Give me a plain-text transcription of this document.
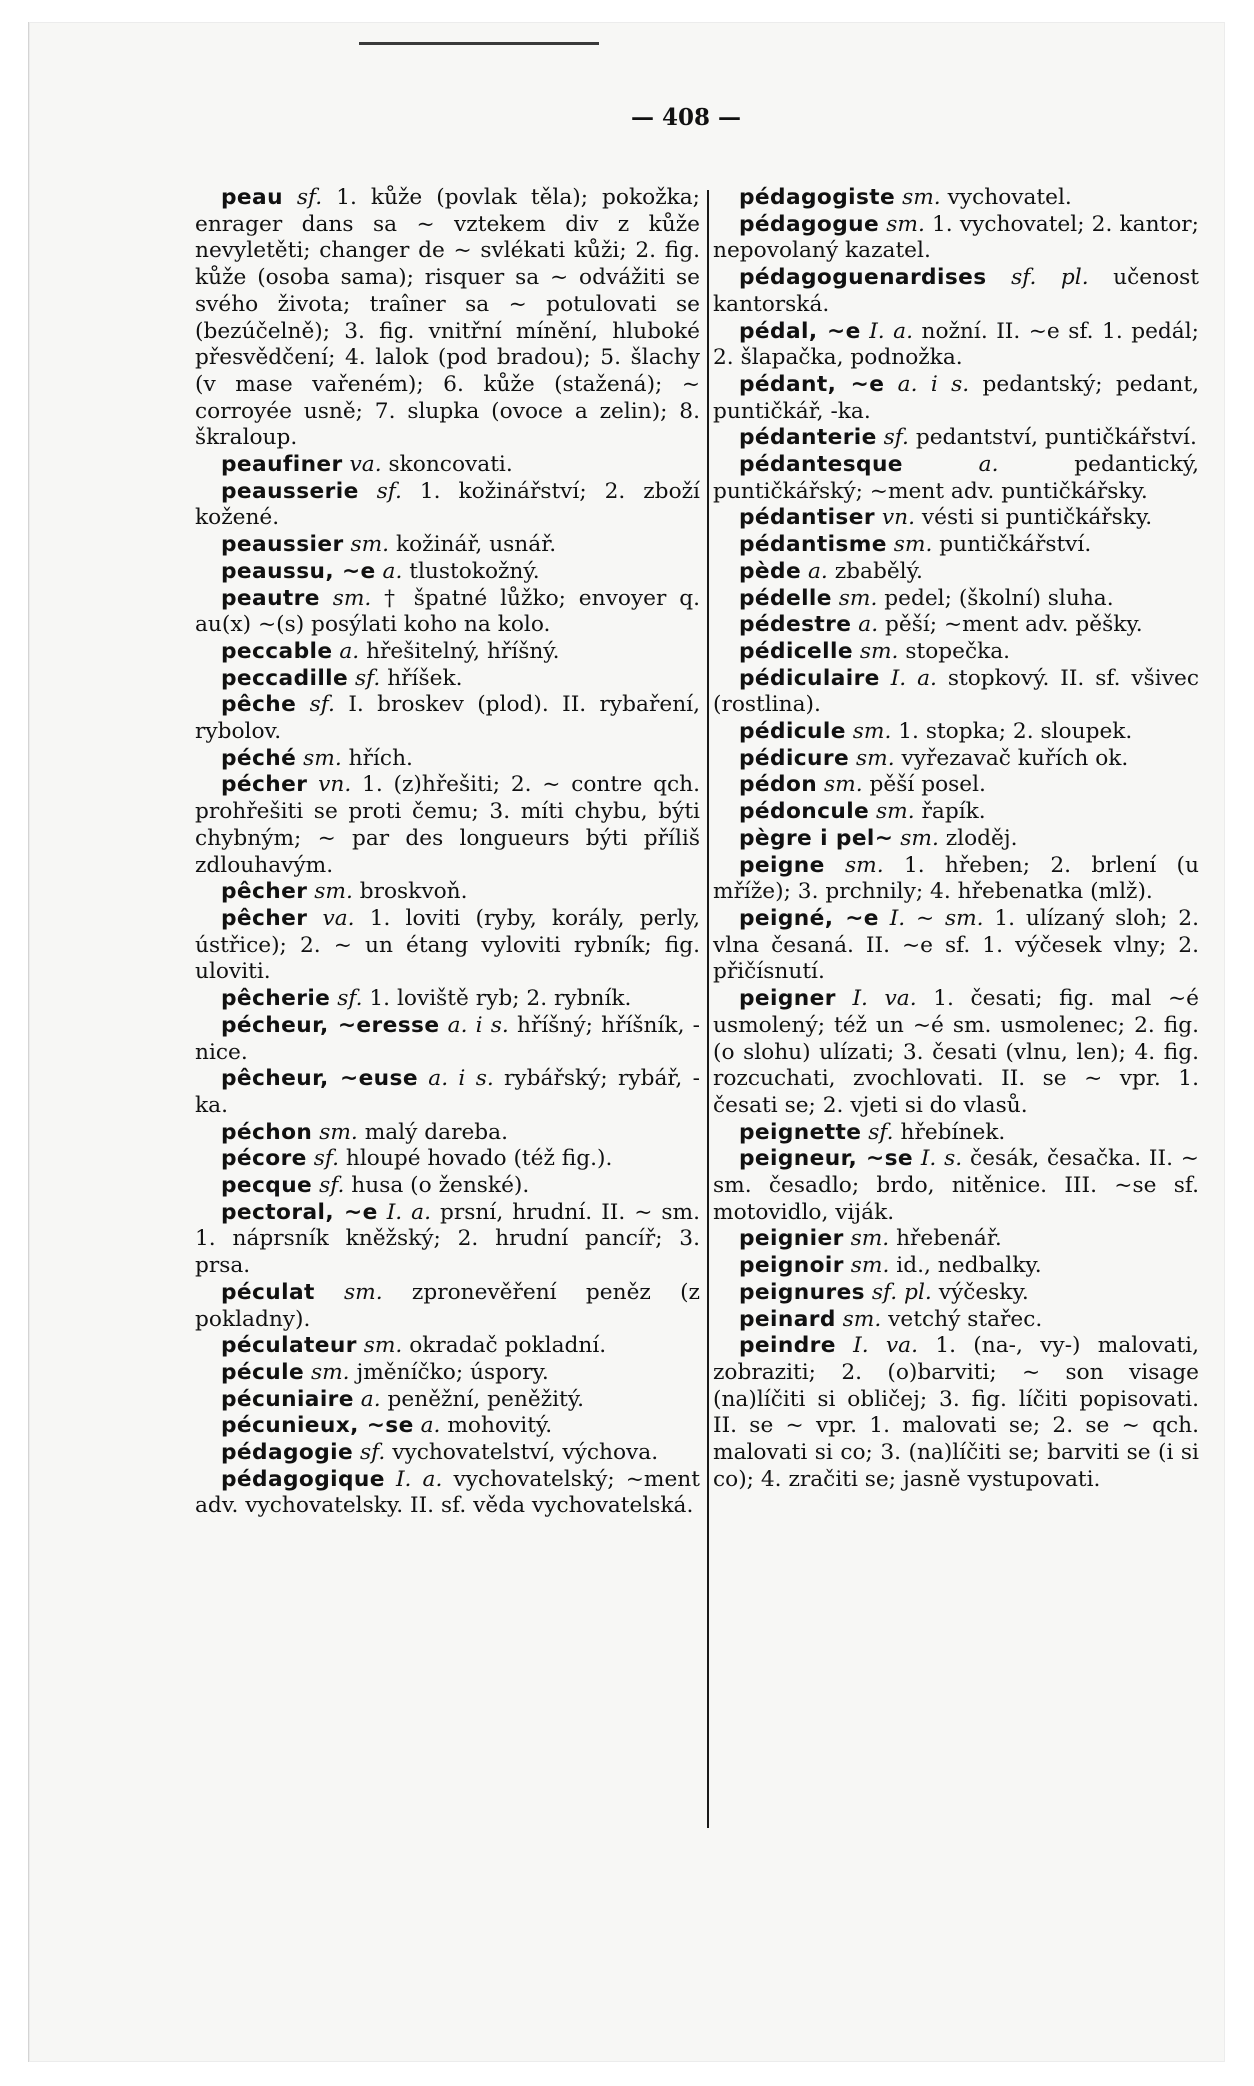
— 408 —

peau sf. 1. kůže (povlak těla); pokožka; enrager dans sa ~ vztekem div z kůže nevyletěti; changer de ~ svlékati kůži; 2. fig. kůže (osoba sama); risquer sa ~ odvážiti se svého života; traîner sa ~ potulovati se (bezúčelně); 3. fig. vnitřní mínění, hluboké přesvědčení; 4. lalok (pod bradou); 5. šlachy (v mase vařeném); 6. kůže (stažená); ~ corroyée usně; 7. slupka (ovoce a zelin); 8. škraloup.

peaufiner va. skoncovati.

peausserie sf. 1. kožinářství; 2. zboží kožené.

peaussier sm. kožinář, usnář.

peaussu, ~e a. tlustokožný.

peautre sm. † špatné lůžko; envoyer q. au(x) ~(s) posýlati koho na kolo.

peccable a. hřešitelný, hříšný.

peccadille sf. hříšek.

pêche sf. I. broskev (plod). II. rybaření, rybolov.

péché sm. hřích.

pécher vn. 1. (z)hřešiti; 2. ~ contre qch. prohřešiti se proti čemu; 3. míti chybu, býti chybným; ~ par des longueurs býti příliš zdlouhavým.

pêcher sm. broskvoň.

pêcher va. 1. loviti (ryby, korály, perly, ústřice); 2. ~ un étang vyloviti rybník; fig. uloviti.

pêcherie sf. 1. loviště ryb; 2. rybník.

pécheur, ~eresse a. i s. hříšný; hříšník, -nice.

pêcheur, ~euse a. i s. rybářský; rybář, -ka.

péchon sm. malý dareba.

pécore sf. hloupé hovado (též fig.).

pecque sf. husa (o ženské).

pectoral, ~e I. a. prsní, hrudní. II. ~ sm. 1. náprsník kněžský; 2. hrudní pancíř; 3. prsa.

péculat sm. zpronevěření peněz (z pokladny).

péculateur sm. okradač pokladní.

pécule sm. jměníčko; úspory.

pécuniaire a. peněžní, peněžitý.

pécunieux, ~se a. mohovitý.

pédagogie sf. vychovatelství, výchova.

pédagogique I. a. vychovatelský; ~ment adv. vychovatelsky. II. sf. věda vychovatelská.

pédagogiste sm. vychovatel.

pédagogue sm. 1. vychovatel; 2. kantor; nepovolaný kazatel.

pédagoguenardises sf. pl. učenost kantorská.

pédal, ~e I. a. nožní. II. ~e sf. 1. pedál; 2. šlapačka, podnožka.

pédant, ~e a. i s. pedantský; pedant, puntičkář, -ka.

pédanterie sf. pedantství, puntičkářství.

pédantesque	a.	pedantický, puntičkářský; ~ment adv. puntičkářsky.

pédantiser vn. vésti si puntičkářsky.

pédantisme sm. puntičkářství.

pède a. zbabělý.

pédelle sm. pedel; (školní) sluha.

pédestre a. pěší; ~ment adv. pěšky.

pédicelle sm. stopečka.

pédiculaire I. a. stopkový. II. sf. všivec (rostlina).

pédicule sm. 1. stopka; 2. sloupek.

pédicure sm. vyřezavač kuřích ok.

pédon sm. pěší posel.

pédoncule sm. řapík.

pègre i pel~ sm. zloděj.

peigne sm. 1. hřeben; 2. brlení (u mříže); 3. prchnily; 4. hřebenatka (mlž).

peigné, ~e I. ~ sm. 1. ulízaný sloh; 2. vlna česaná. II. ~e sf. 1. výčesek vlny; 2. přičísnutí.

peigner I. va. 1. česati; fig. mal ~é usmolený; též un ~é sm. usmolenec; 2. fig. (o slohu) ulízati; 3. česati (vlnu, len); 4. fig. rozcuchati, zvochlovati. II. se ~ vpr. 1. česati se; 2. vjeti si do vlasů.

peignette sf. hřebínek.

peigneur, ~se I. s. česák, česačka. II. ~ sm. česadlo; brdo, nitěnice. III. ~se sf. motovidlo, viják.

peignier sm. hřebenář.

peignoir sm. id., nedbalky.

peignures sf. pl. výčesky.

peinard sm. vetchý stařec.

peindre I. va. 1. (na-, vy-) malovati, zobraziti; 2. (o)barviti; ~ son visage (na)líčiti si obličej; 3. fig. líčiti popisovati. II. se ~ vpr. 1. malovati se; 2. se ~ qch. malovati si co; 3. (na)líčiti se; barviti se (i si co); 4. zračiti se; jasně vystupovati.
